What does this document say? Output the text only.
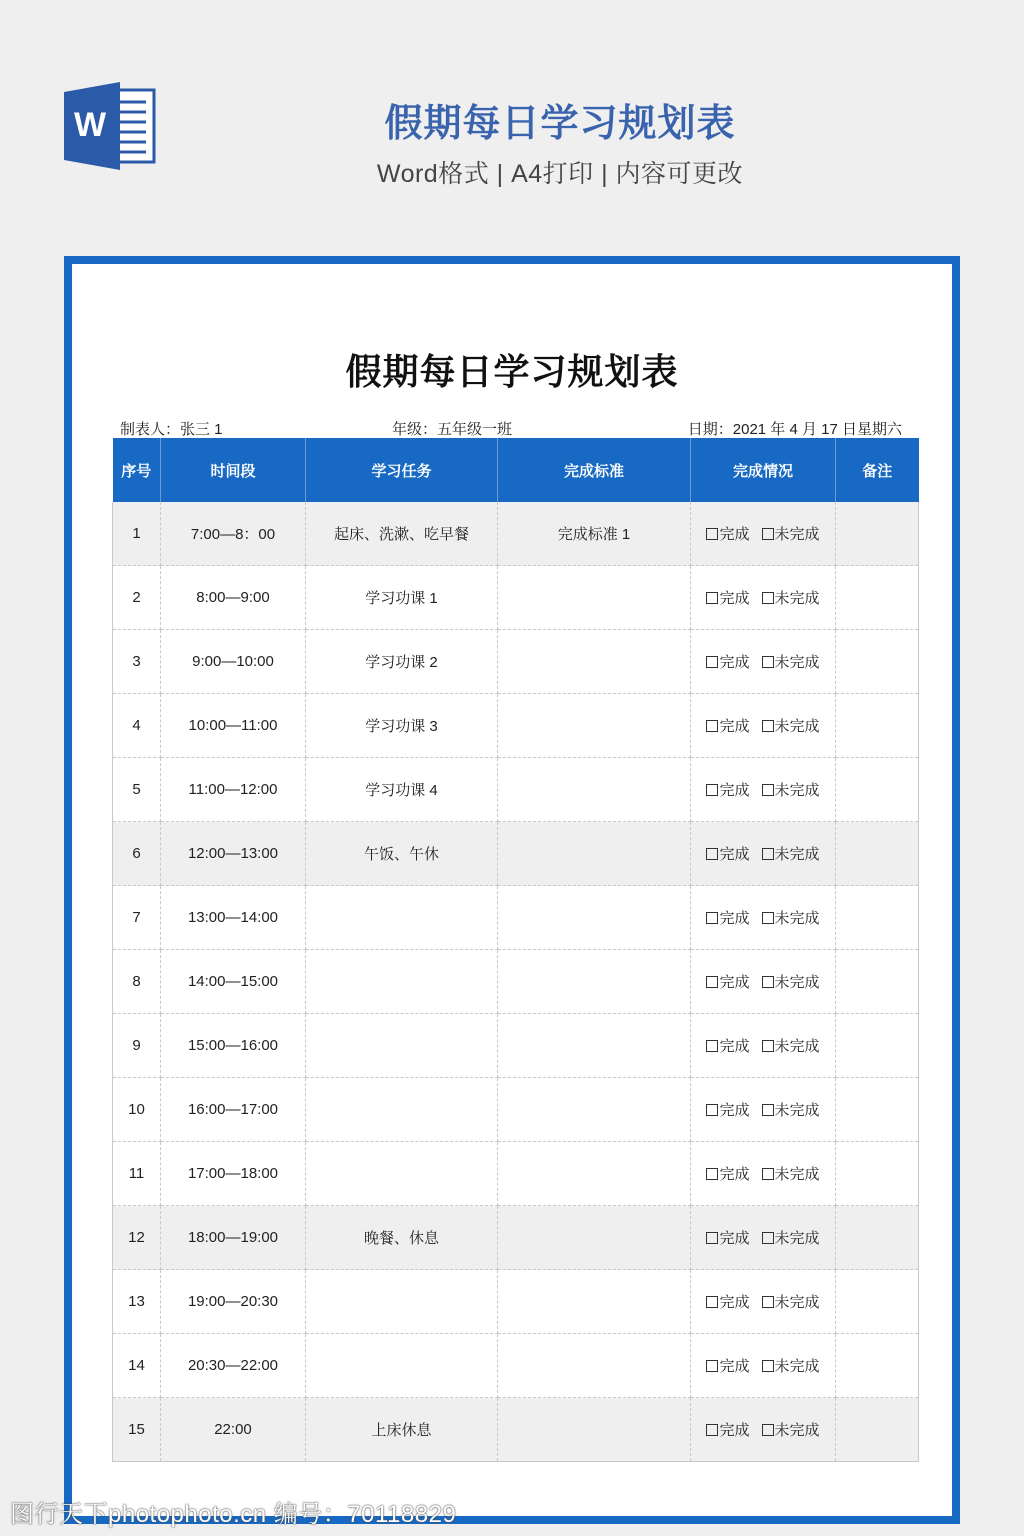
W	假期每日学习规划表
Word格式 | A4打印 | 内容可更改
假期每日学习规划表
制表人：张三 1	年级：五年级一班	日期：2021 年 4 月 17 日星期六
序号	时间段	学习任务	完成标准	完成情况	备注
1	7:00—8：00	起床、洗漱、吃早餐	完成标准 1	完成 未完成	
2	8:00—9:00	学习功课 1		完成 未完成	
3	9:00—10:00	学习功课 2		完成 未完成	
4	10:00—11:00	学习功课 3		完成 未完成	
5	11:00—12:00	学习功课 4		完成 未完成	
6	12:00—13:00	午饭、午休		完成 未完成	
7	13:00—14:00			完成 未完成	
8	14:00—15:00			完成 未完成	
9	15:00—16:00			完成 未完成	
10	16:00—17:00			完成 未完成	
11	17:00—18:00			完成 未完成	
12	18:00—19:00	晚餐、休息		完成 未完成	
13	19:00—20:30			完成 未完成	
14	20:30—22:00			完成 未完成	
15	22:00	上床休息		完成 未完成	
图行天下photophoto.cn 编号：70118829
